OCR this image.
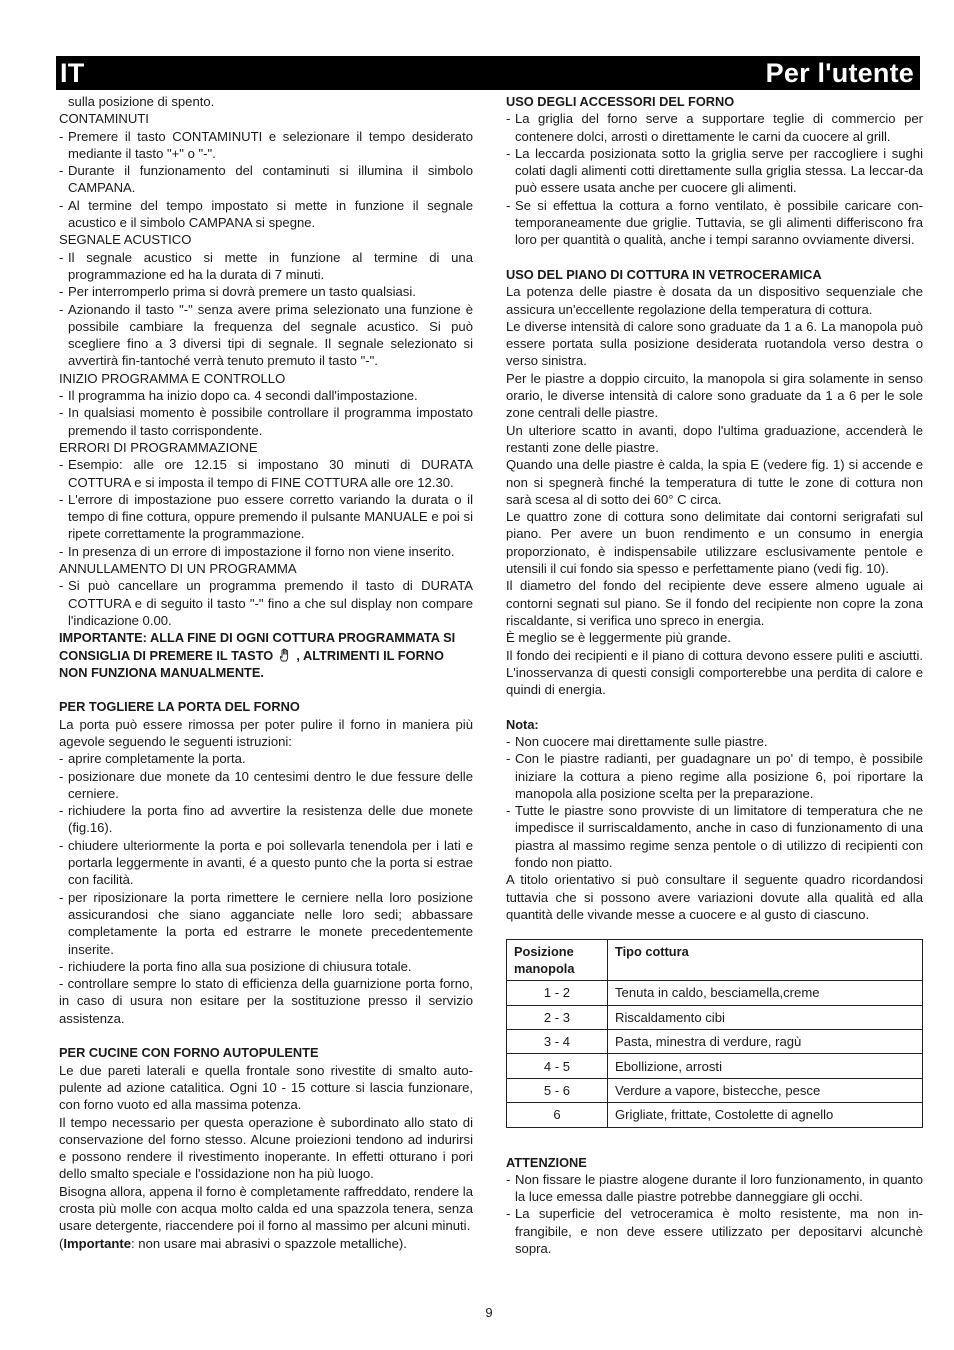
IT	Per l'utente

sulla posizione di spento.

CONTAMINUTI

- Premere il tasto CONTAMINUTI e selezionare il tempo desiderato mediante il tasto "+" o "-".

- Durante il funzionamento del contaminuti si illumina il simbolo CAMPANA.

- Al termine del tempo impostato si mette in funzione il segnale acustico e il simbolo CAMPANA si spegne.

SEGNALE ACUSTICO

- Il segnale acustico si mette in funzione al termine di una programmazione ed ha la durata di 7 minuti.

- Per interromperlo prima si dovrà premere un tasto qualsiasi.

- Azionando il tasto "-" senza avere prima selezionato una funzione è possibile cambiare la frequenza del segnale acustico. Si può scegliere fino a 3 diversi tipi di segnale. Il segnale selezionato si avvertirà fin-tantoché verrà tenuto premuto il tasto "-".

INIZIO PROGRAMMA E CONTROLLO

- Il programma ha inizio dopo ca. 4 secondi dall'impostazione.

- In qualsiasi momento è possibile controllare il programma impostato premendo il tasto corrispondente.

ERRORI DI PROGRAMMAZIONE

- Esempio: alle ore 12.15 si impostano 30 minuti di DURATA COTTURA e si imposta il tempo di FINE COTTURA alle ore 12.30.

- L'errore di impostazione puo essere corretto variando la durata o il tempo di fine cottura, oppure premendo il pulsante MANUALE e poi si ripete correttamente la programmazione.

- In presenza di un errore di impostazione il forno non viene inserito.

ANNULLAMENTO DI UN PROGRAMMA

- Si può cancellare un programma premendo il tasto di DURATA COTTURA e di seguito il tasto "-" fino a che sul display non compare l'indicazione 0.00.

IMPORTANTE: ALLA FINE DI OGNI COTTURA PROGRAMMATA SI CONSIGLIA DI PREMERE IL TASTO , ALTRIMENTI IL FORNO NON FUNZIONA MANUALMENTE.

PER TOGLIERE LA PORTA DEL FORNO

La porta può essere rimossa per poter pulire il forno in maniera più agevole seguendo le seguenti istruzioni:

- aprire completamente la porta.

- posizionare due monete da 10 centesimi dentro le due fessure delle cerniere.

- richiudere la porta fino ad avvertire la resistenza delle due monete (fig.16).

- chiudere ulteriormente la porta e poi sollevarla tenendola per i lati e portarla leggermente in avanti, é a questo punto che la porta si estrae con facilità.

- per riposizionare la porta rimettere le cerniere nella loro posizione assicurandosi che siano agganciate nelle loro sedi; abbassare completamente la porta ed estrarre le monete precedentemente inserite.

- richiudere la porta fino alla sua posizione di chiusura totale.

- controllare sempre lo stato di efficienza della guarnizione porta forno, in caso di usura non esitare per la sostituzione presso il servizio assistenza.

PER CUCINE CON FORNO AUTOPULENTE

Le due pareti laterali e quella frontale sono rivestite di smalto auto-pulente ad azione catalitica. Ogni 10 - 15 cotture si lascia funzionare, con forno vuoto ed alla massima potenza.

Il tempo necessario per questa operazione è subordinato allo stato di conservazione del forno stesso. Alcune proiezioni tendono ad indurirsi e possono rendere il rivestimento inoperante. In effetti otturano i pori dello smalto speciale e l'ossidazione non ha più luogo.

Bisogna allora, appena il forno è completamente raffreddato, rendere la crosta più molle con acqua molto calda ed una spazzola tenera, senza usare detergente, riaccendere poi il forno al massimo per alcuni minuti.

(Importante: non usare mai abrasivi o spazzole metalliche).

USO DEGLI ACCESSORI DEL FORNO

- La griglia del forno serve a supportare teglie di commercio per contenere dolci, arrosti o direttamente le carni da cuocere al grill.

- La leccarda posizionata sotto la griglia serve per raccogliere i sughi colati dagli alimenti cotti direttamente sulla griglia stessa. La leccar-da può essere usata anche per cuocere gli alimenti.

- Se si effettua la cottura a forno ventilato, è possibile caricare con-temporaneamente due griglie. Tuttavia, se gli alimenti differiscono fra loro per quantità o qualità, anche i tempi saranno ovviamente diversi.

USO DEL PIANO DI COTTURA IN VETROCERAMICA

La potenza delle piastre è dosata da un dispositivo sequenziale che assicura un'eccellente regolazione della temperatura di cottura.

Le diverse intensità di calore sono graduate da 1 a 6. La manopola può essere portata sulla posizione desiderata ruotandola verso destra o verso sinistra.

Per le piastre a doppio circuito, la manopola si gira solamente in senso orario, le diverse intensità di calore sono graduate da 1 a 6 per le sole zone centrali delle piastre.

Un ulteriore scatto in avanti, dopo l'ultima graduazione, accenderà le restanti zone delle piastre.

Quando una delle piastre è calda, la spia E (vedere fig. 1) si accende e non si spegnerà finché la temperatura di tutte le zone di cottura non sarà scesa al di sotto dei 60° C circa.

Le quattro zone di cottura sono delimitate dai contorni serigrafati sul piano. Per avere un buon rendimento e un consumo in energia proporzionato, è indispensabile utilizzare esclusivamente pentole e utensili il cui fondo sia spesso e perfettamente piano (vedi fig. 10).

Il diametro del fondo del recipiente deve essere almeno uguale ai contorni segnati sul piano. Se il fondo del recipiente non copre la zona riscaldante, si verifica uno spreco in energia.

È meglio se è leggermente più grande.

Il fondo dei recipienti e il piano di cottura devono essere puliti e asciutti. L'inosservanza di questi consigli comporterebbe una perdita di calore e quindi di energia.

Nota:

- Non cuocere mai direttamente sulle piastre.

- Con le piastre radianti, per guadagnare un po' di tempo, è possibile iniziare la cottura a pieno regime alla posizione 6, poi riportare la manopola alla posizione scelta per la preparazione.

- Tutte le piastre sono provviste di un limitatore di temperatura che ne impedisce il surriscaldamento, anche in caso di funzionamento di una piastra al massimo regime senza pentole o di utilizzo di recipienti con fondo non piatto.

A titolo orientativo si può consultare il seguente quadro ricordandosi tuttavia che si possono avere variazioni dovute alla qualità ed alla quantità delle vivande messe a cuocere e al gusto di ciascuno.

Posizione manopola	Tipo cottura
1 - 2	Tenuta in caldo, besciamella,creme
2 - 3	Riscaldamento cibi
3 - 4	Pasta, minestra di verdure, ragù
4 - 5	Ebollizione, arrosti
5 - 6	Verdure a vapore, bistecche, pesce
6	Grigliate, frittate, Costolette di agnello

ATTENZIONE

- Non fissare le piastre alogene durante il loro funzionamento, in quanto la luce emessa dalle piastre potrebbe danneggiare gli occhi.

- La superficie del vetroceramica è molto resistente, ma non in-frangibile, e non deve essere utilizzato per depositarvi alcunchè sopra.

9
